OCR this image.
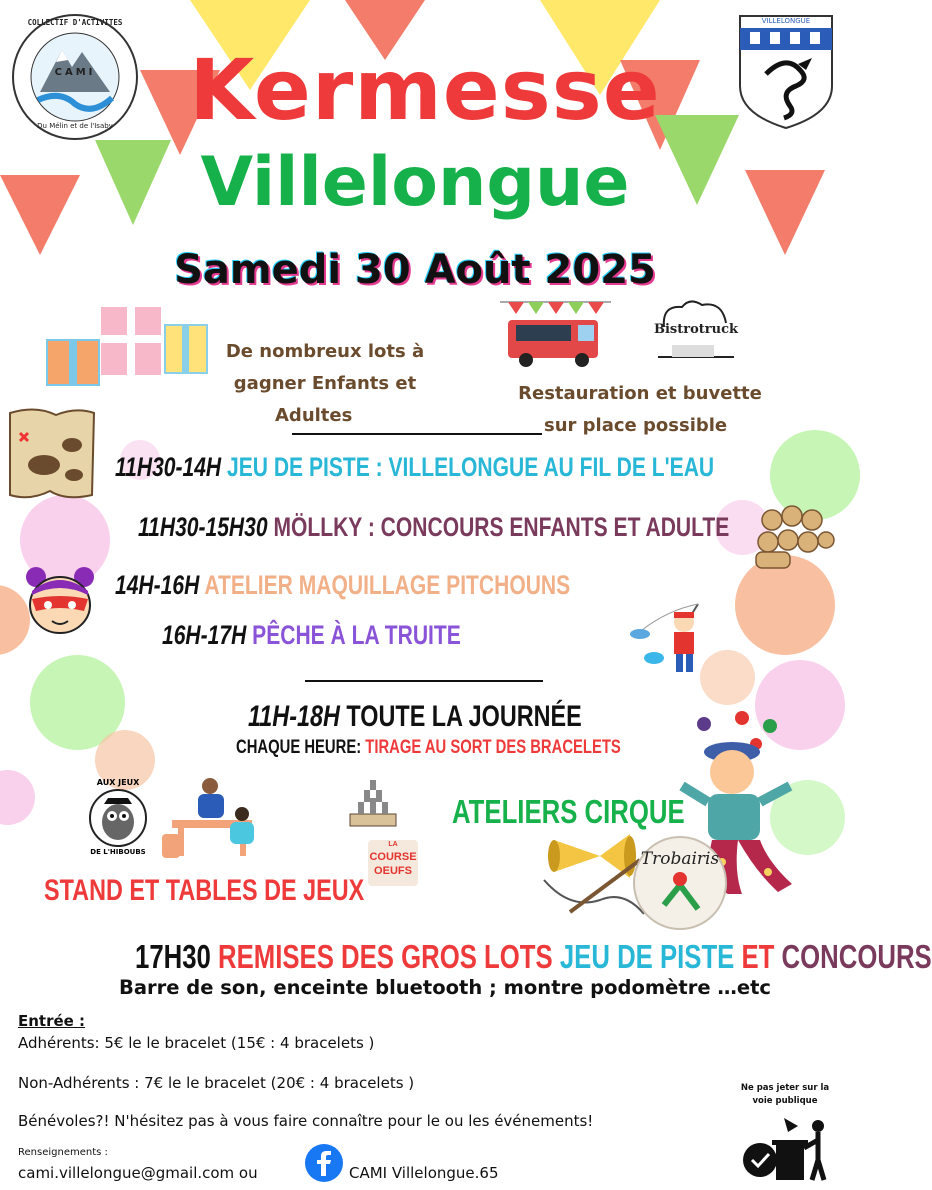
COLLECTIF D'ACTIVITES
CAMI
Du Mélin et de l'Isaby
VILLELONGUE
Kermesse
Villelongue
Samedi 30 Août 2025
De nombreux lots à
gagner Enfants et
Adultes
Bistrotruck
Restauration et buvette
sur place possible
11H30-14H JEU DE PISTE : VILLELONGUE AU FIL DE L'EAU
11H30-15H30 MÖLLKY : CONCOURS ENFANTS ET ADULTE
14H-16H ATELIER MAQUILLAGE PITCHOUNS
16H-17H PÊCHE À LA TRUITE
11H-18H TOUTE LA JOURNÉE
CHAQUE HEURE: TIRAGE AU SORT DES BRACELETS
AUX JEUX
DE L'HIBOUBS
LA
COURSE
OEUFS
STAND ET TABLES DE JEUX
ATELIERS CIRQUE
Trobairis
17H30 REMISES DES GROS LOTS JEU DE PISTE ET CONCOURS
Barre de son, enceinte bluetooth ; montre podomètre …etc
Entrée :
Adhérents: 5€ le le bracelet (15€ : 4 bracelets )
Non-Adhérents : 7€ le le bracelet (20€ : 4 bracelets )
Bénévoles?! N'hésitez pas à vous faire connaître pour le ou les événements!
Renseignements :
cami.villelongue@gmail.com ou	CAMI Villelongue.65
Ne pas jeter sur la
voie publique
